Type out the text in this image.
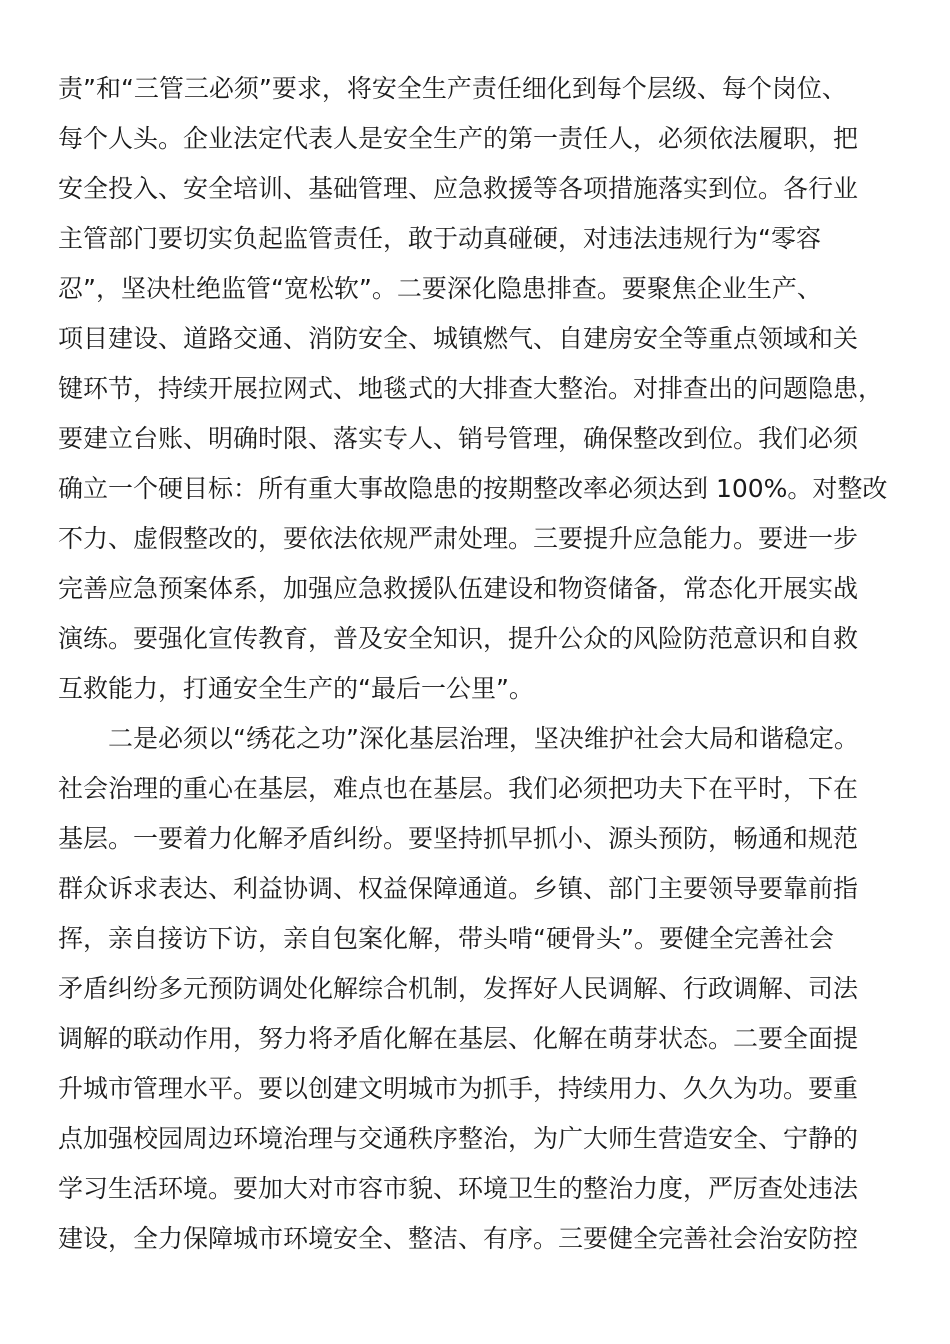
责”和“三管三必须”要求，将安全生产责任细化到每个层级、每个岗位、
每个人头。企业法定代表人是安全生产的第一责任人，必须依法履职，把
安全投入、安全培训、基础管理、应急救援等各项措施落实到位。各行业
主管部门要切实负起监管责任，敢于动真碰硬，对违法违规行为“零容
忍”，坚决杜绝监管“宽松软”。二要深化隐患排查。要聚焦企业生产、
项目建设、道路交通、消防安全、城镇燃气、自建房安全等重点领域和关
键环节，持续开展拉网式、地毯式的大排查大整治。对排查出的问题隐患，
要建立台账、明确时限、落实专人、销号管理，确保整改到位。我们必须
确立一个硬目标：所有重大事故隐患的按期整改率必须达到 100%。对整改
不力、虚假整改的，要依法依规严肃处理。三要提升应急能力。要进一步
完善应急预案体系，加强应急救援队伍建设和物资储备，常态化开展实战
演练。要强化宣传教育，普及安全知识，提升公众的风险防范意识和自救
互救能力，打通安全生产的“最后一公里”。
二是必须以“绣花之功”深化基层治理，坚决维护社会大局和谐稳定。
社会治理的重心在基层，难点也在基层。我们必须把功夫下在平时，下在
基层。一要着力化解矛盾纠纷。要坚持抓早抓小、源头预防，畅通和规范
群众诉求表达、利益协调、权益保障通道。乡镇、部门主要领导要靠前指
挥，亲自接访下访，亲自包案化解，带头啃“硬骨头”。要健全完善社会
矛盾纠纷多元预防调处化解综合机制，发挥好人民调解、行政调解、司法
调解的联动作用，努力将矛盾化解在基层、化解在萌芽状态。二要全面提
升城市管理水平。要以创建文明城市为抓手，持续用力、久久为功。要重
点加强校园周边环境治理与交通秩序整治，为广大师生营造安全、宁静的
学习生活环境。要加大对市容市貌、环境卫生的整治力度，严厉查处违法
建设，全力保障城市环境安全、整洁、有序。三要健全完善社会治安防控
